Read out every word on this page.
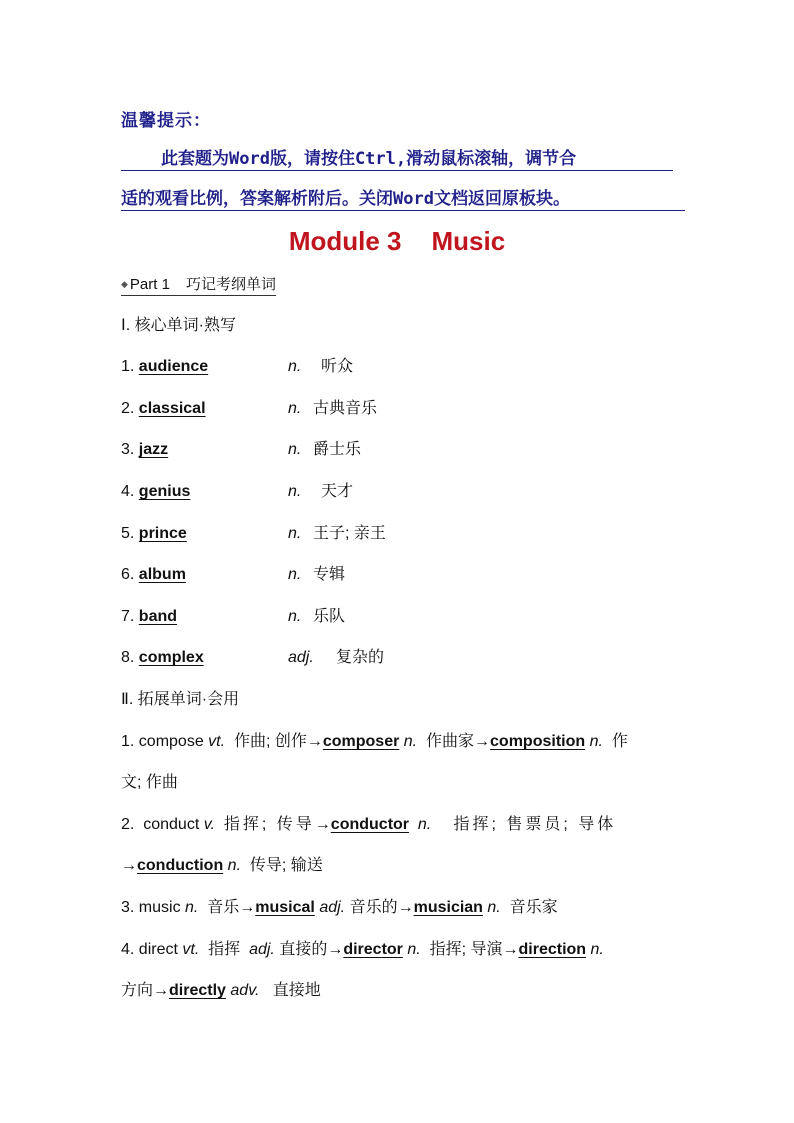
温馨提示：
此套题为Word版，请按住Ctrl,滑动鼠标滚轴，调节合
适的观看比例，答案解析附后。关闭Word文档返回原板块。
Module 3 Music
◆ Part 1 巧记考纲单词
Ⅰ. 核心单词·熟写
1. audience	n. 听众
2. classical	n. 古典音乐
3. jazz	n. 爵士乐
4. genius	n. 天才
5. prince	n. 王子; 亲王
6. album	n. 专辑
7. band	n. 乐队
8. complex	adj. 复杂的
Ⅱ. 拓展单词·会用
1. compose vt. 作曲; 创作→composer n. 作曲家→composition n. 作
文; 作曲
2. conduct v. 指挥; 传导→conductor n. 指挥; 售票员; 导体
→conduction n. 传导; 输送
3. music n. 音乐→musical adj. 音乐的→musician n. 音乐家
4. direct vt. 指挥 adj. 直接的→director n. 指挥; 导演→direction n.
方向→directly adv. 直接地
